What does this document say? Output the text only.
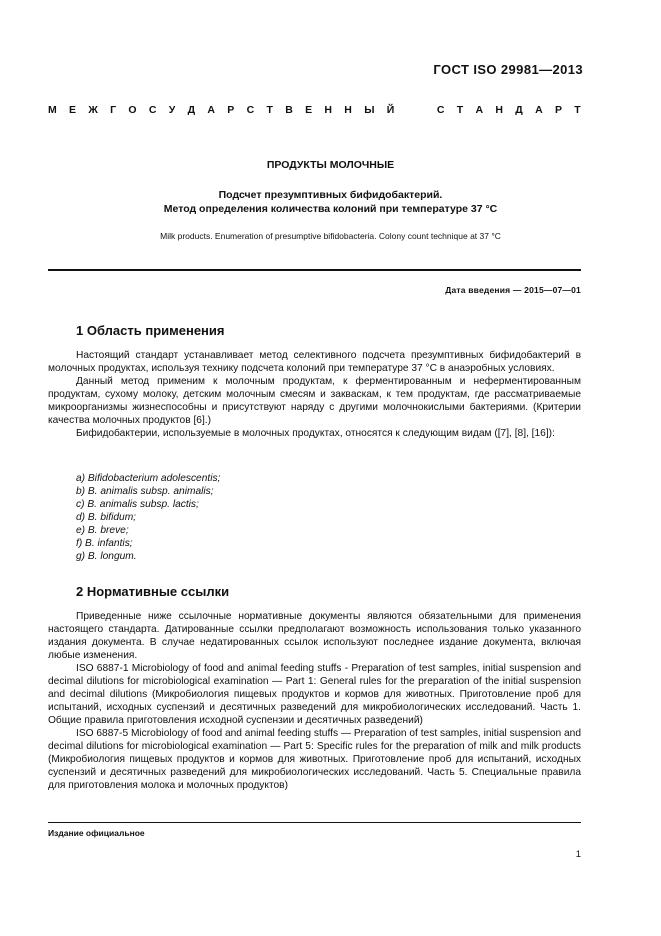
ГОСТ ISO 29981—2013
М Е Ж Г О С У Д А Р С Т В Е Н Н Ы Й	С Т А Н Д А Р Т
ПРОДУКТЫ МОЛОЧНЫЕ
Подсчет презумптивных бифидобактерий.
Метод определения количества колоний при температуре 37 °С
Milk products. Enumeration of presumptive bifidobacteria. Colony count technique at 37 °C
Дата введения — 2015—07—01
1 Область применения

Настоящий стандарт устанавливает метод селективного подсчета презумптивных бифидобактерий в молочных продуктах, используя технику подсчета колоний при температуре 37 °С в анаэробных условиях.

Данный метод применим к молочным продуктам, к ферментированным и неферментированным продуктам, сухому молоку, детским молочным смесям и заквaскам, к тем продуктам, где рассматриваемые микроорганизмы жизнеспособны и присутствуют наряду с другими молочнокислыми бактериями. (Критерии качества молочных продуктов [6].)

Бифидобактерии, используемые в молочных продуктах, относятся к следующим видам ([7], [8], [16]):

a) Bifidobacterium adolescentis;
b) B. animalis subsp. animalis;
c) B. animalis subsp. lactis;
d) B. bifidum;
e) B. breve;
f) B. infantis;
g) B. longum.
2 Нормативные ссылки

Приведенные ниже ссылочные нормативные документы являются обязательными для применения настоящего стандарта. Датированные ссылки предполагают возможность использования только указанного издания документа. В случае недатированных ссылок используют последнее издание документа, включая любые изменения.

ISO 6887-1 Microbiology of food and animal feeding stuffs - Preparation of test samples, initial suspension and decimal dilutions for microbiological examination — Part 1: General rules for the preparation of the initial suspension and decimal dilutions (Микробиология пищевых продуктов и кормов для животных. Приготовление проб для испытаний, исходных суспензий и десятичных разведений для микробиологических исследований. Часть 1. Общие правила приготовления исходной суспензии и десятичных разведений)

ISO 6887-5 Microbiology of food and animal feeding stuffs — Preparation of test samples, initial suspension and decimal dilutions for microbiological examination — Part 5: Specific rules for the preparation of milk and milk products (Микробиология пищевых продуктов и кормов для животных. Приготовление проб для испытаний, исходных суспензий и десятичных разведений для микробиологических исследований. Часть 5. Специальные правила для приготовления молока и молочных продуктов)

Издание официальное
1
